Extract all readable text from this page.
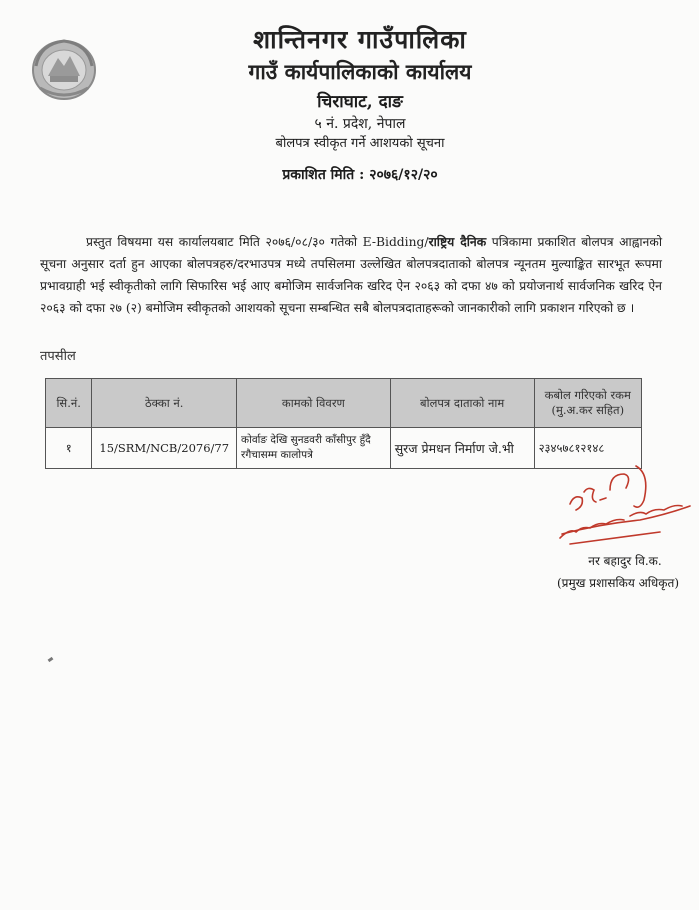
शान्तिनगर गाउँपालिका
गाउँ कार्यपालिकाको कार्यालय
चिराघाट, दाङ
५ नं. प्रदेश, नेपाल
बोलपत्र स्वीकृत गर्ने आशयको सूचना
प्रकाशित मिति : २०७६/१२/२०
प्रस्तुत विषयमा यस कार्यालयबाट मिति २०७६/०८/३० गतेको E-Bidding/राष्ट्रिय दैनिक पत्रिकामा प्रकाशित बोलपत्र आह्वानको सूचना अनुसार दर्ता हुन आएका बोलपत्रहरु/दरभाउपत्र मध्ये तपसिलमा उल्लेखित बोलपत्रदाताको बोलपत्र न्यूनतम मुल्याङ्कित सारभूत रूपमा प्रभावग्राही भई स्वीकृतीको लागि सिफारिस भई आए बमोजिम सार्वजनिक खरिद ऐन २०६३ को दफा ४७ को प्रयोजनार्थ सार्वजनिक खरिद ऐन २०६३ को दफा २७ (२) बमोजिम स्वीकृतको आशयको सूचना सम्बन्धित सबै बोलपत्रदाताहरूको जानकारीको लागि प्रकाशन गरिएको छ ।
तपसील
सि.नं.	ठेक्का नं.	कामको विवरण	बोलपत्र दाताको नाम	कबोल गरिएको रकम (मु.अ.कर सहित)
१	15/SRM/NCB/2076/77	कोर्वाङ देखि सुनडवरी काँसीपुर हुँदै रगैचासम्म कालोपत्रे	सुरज प्रेमधन निर्माण जे.भी	२३४५७८१२१४८
नर बहादुर वि.क.
(प्रमुख प्रशासकिय अधिकृत)
